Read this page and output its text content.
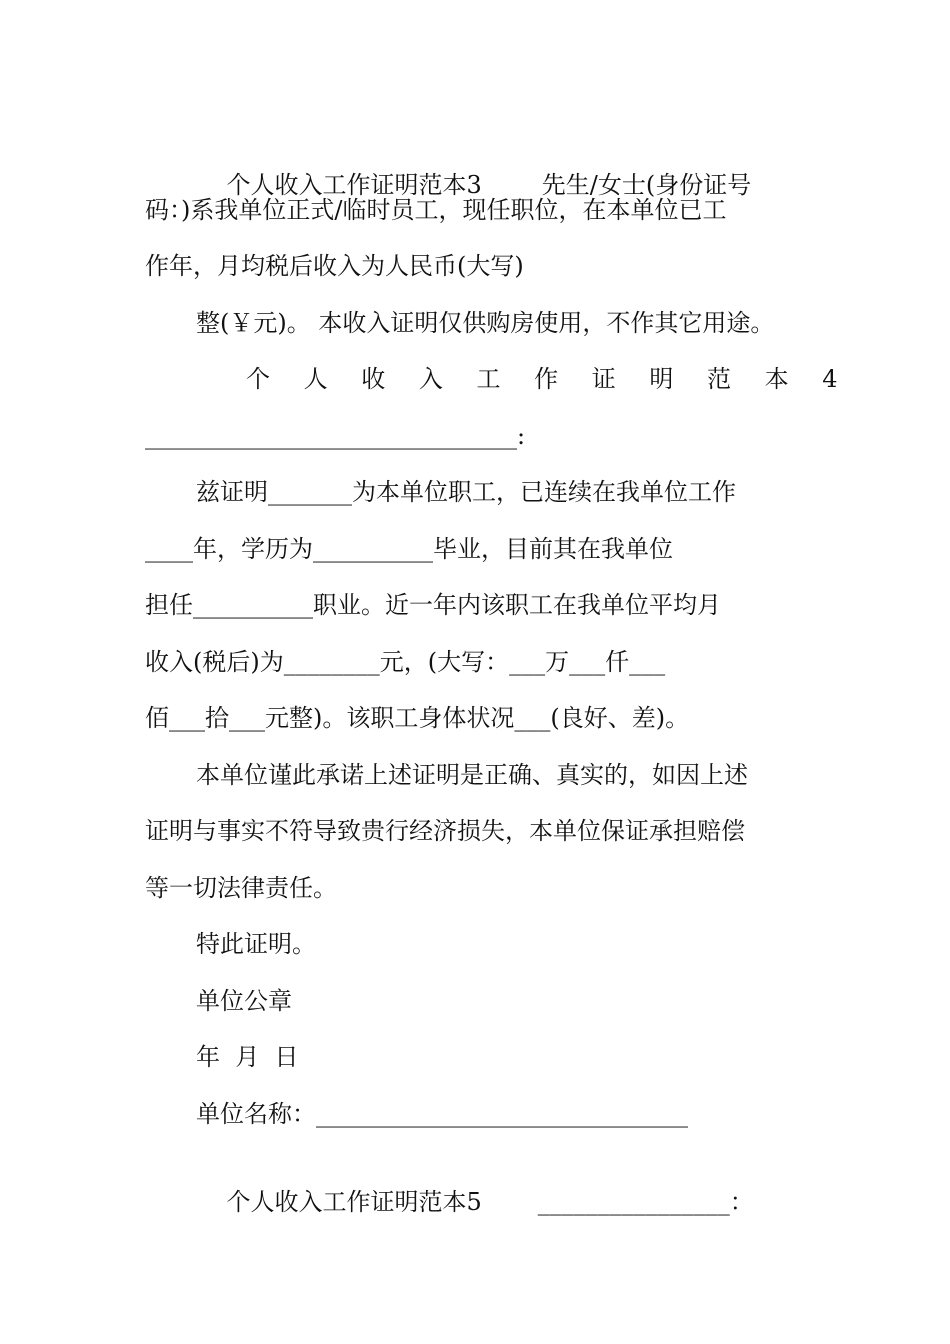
个人收入工作证明范本3	先生/女士(身份证号

码：)系我单位正式/临时员工，现任职位，在本单位已工
作年，月均税后收入为人民币(大写)
整(￥元)。 本收入证明仅供购房使用，不作其它用途。
个 人 收 入 工 作 证 明 范 本 4
_______________________________:
兹证明_______为本单位职工，已连续在我单位工作
____年，学历为__________毕业，目前其在我单位
担任__________职业。近一年内该职工在我单位平均月
收入(税后)为________元，(大写：___万___仟___
佰___拾___元整)。该职工身体状况___(良好、差)。
本单位谨此承诺上述证明是正确、真实的，如因上述
证明与事实不符导致贵行经济损失，本单位保证承担赔偿
等一切法律责任。
特此证明。
单位公章
年  月  日
单位名称：_______________________________

个人收入工作证明范本5 ________________：
